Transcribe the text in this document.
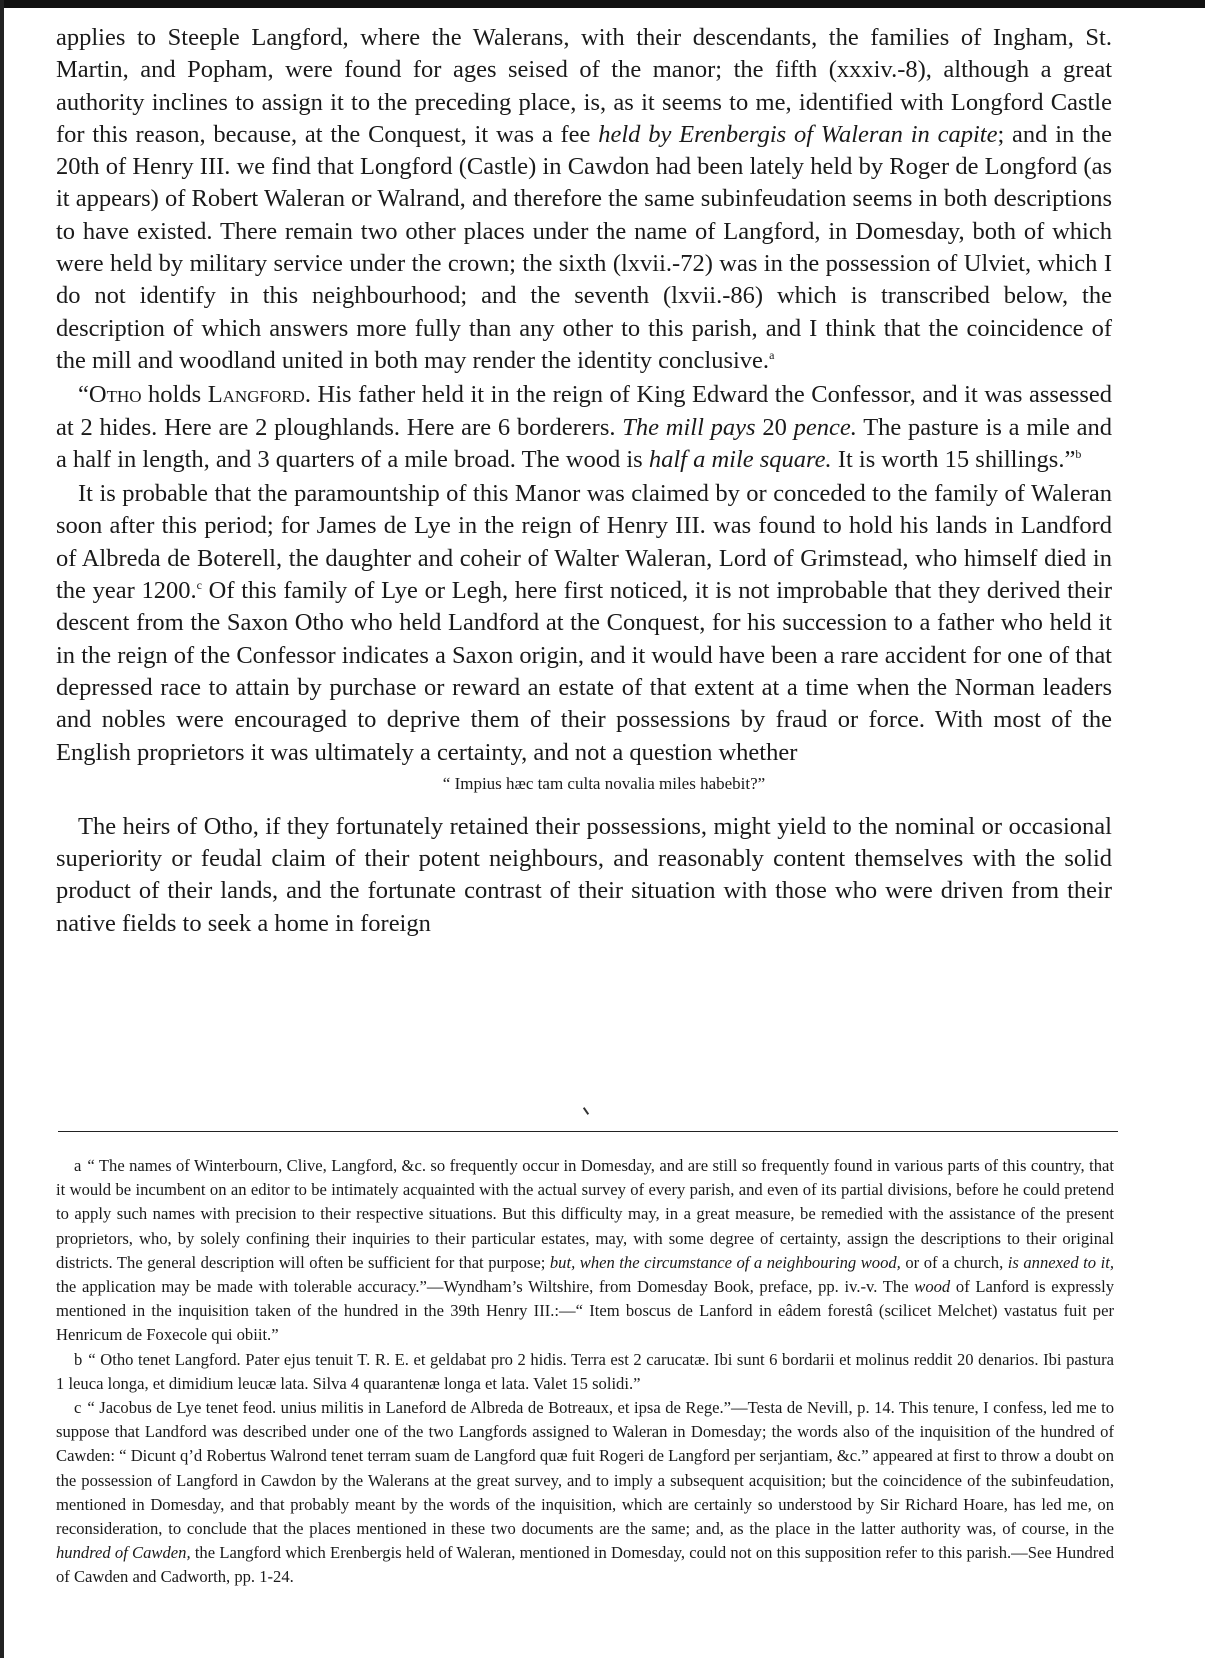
applies to Steeple Langford, where the Walerans, with their descendants, the families of Ingham, St. Martin, and Popham, were found for ages seised of the manor; the fifth (xxxiv.-8), although a great authority inclines to assign it to the preceding place, is, as it seems to me, identified with Longford Castle for this reason, because, at the Conquest, it was a fee held by Erenbergis of Waleran in capite; and in the 20th of Henry III. we find that Longford (Castle) in Cawdon had been lately held by Roger de Longford (as it appears) of Robert Waleran or Walrand, and therefore the same subinfeudation seems in both descriptions to have existed. There remain two other places under the name of Langford, in Domesday, both of which were held by military service under the crown; the sixth (lxvii.-72) was in the possession of Ulviet, which I do not identify in this neighbourhood; and the seventh (lxvii.-86) which is transcribed below, the description of which answers more fully than any other to this parish, and I think that the coincidence of the mill and woodland united in both may render the identity conclusive.$^a$

“Otho holds Langford. His father held it in the reign of King Edward the Confessor, and it was assessed at 2 hides. Here are 2 ploughlands. Here are 6 borderers. The mill pays 20 pence. The pasture is a mile and a half in length, and 3 quarters of a mile broad. The wood is half a mile square. It is worth 15 shillings.”$^b$

It is probable that the paramountship of this Manor was claimed by or conceded to the family of Waleran soon after this period; for James de Lye in the reign of Henry III. was found to hold his lands in Landford of Albreda de Boterell, the daughter and coheir of Walter Waleran, Lord of Grimstead, who himself died in the year 1200.$^c$ Of this family of Lye or Legh, here first noticed, it is not improbable that they derived their descent from the Saxon Otho who held Landford at the Conquest, for his succession to a father who held it in the reign of the Confessor indicates a Saxon origin, and it would have been a rare accident for one of that depressed race to attain by purchase or reward an estate of that extent at a time when the Norman leaders and nobles were encouraged to deprive them of their possessions by fraud or force. With most of the English proprietors it was ultimately a certainty, and not a question whether

“ Impius hæc tam culta novalia miles habebit?”

The heirs of Otho, if they fortunately retained their possessions, might yield to the nominal or occasional superiority or feudal claim of their potent neighbours, and reasonably content themselves with the solid product of their lands, and the fortunate contrast of their situation with those who were driven from their native fields to seek a home in foreign

a “ The names of Winterbourn, Clive, Langford, &c. so frequently occur in Domesday, and are still so frequently found in various parts of this country, that it would be incumbent on an editor to be intimately acquainted with the actual survey of every parish, and even of its partial divisions, before he could pretend to apply such names with precision to their respective situations. But this difficulty may, in a great measure, be remedied with the assistance of the present proprietors, who, by solely confining their inquiries to their particular estates, may, with some degree of certainty, assign the descriptions to their original districts. The general description will often be sufficient for that purpose; but, when the circumstance of a neighbouring wood, or of a church, is annexed to it, the application may be made with tolerable accuracy.”—Wyndham’s Wiltshire, from Domesday Book, preface, pp. iv.-v. The wood of Lanford is expressly mentioned in the inquisition taken of the hundred in the 39th Henry III.:—“ Item boscus de Lanford in eâdem forestâ (scilicet Melchet) vastatus fuit per Henricum de Foxecole qui obiit.”

b “ Otho tenet Langford. Pater ejus tenuit T. R. E. et geldabat pro 2 hidis. Terra est 2 carucatæ. Ibi sunt 6 bordarii et molinus reddit 20 denarios. Ibi pastura 1 leuca longa, et dimidium leucæ lata. Silva 4 quarantenæ longa et lata. Valet 15 solidi.”

c “ Jacobus de Lye tenet feod. unius militis in Laneford de Albreda de Botreaux, et ipsa de Rege.”—Testa de Nevill, p. 14. This tenure, I confess, led me to suppose that Landford was described under one of the two Langfords assigned to Waleran in Domesday; the words also of the inquisition of the hundred of Cawden: “ Dicunt q’d Robertus Walrond tenet terram suam de Langford quæ fuit Rogeri de Langford per serjantiam, &c.” appeared at first to throw a doubt on the possession of Langford in Cawdon by the Walerans at the great survey, and to imply a subsequent acquisition; but the coincidence of the subinfeudation, mentioned in Domesday, and that probably meant by the words of the inquisition, which are certainly so understood by Sir Richard Hoare, has led me, on reconsideration, to conclude that the places mentioned in these two documents are the same; and, as the place in the latter authority was, of course, in the hundred of Cawden, the Langford which Erenbergis held of Waleran, mentioned in Domesday, could not on this supposition refer to this parish.—See Hundred of Cawden and Cadworth, pp. 1-24.
